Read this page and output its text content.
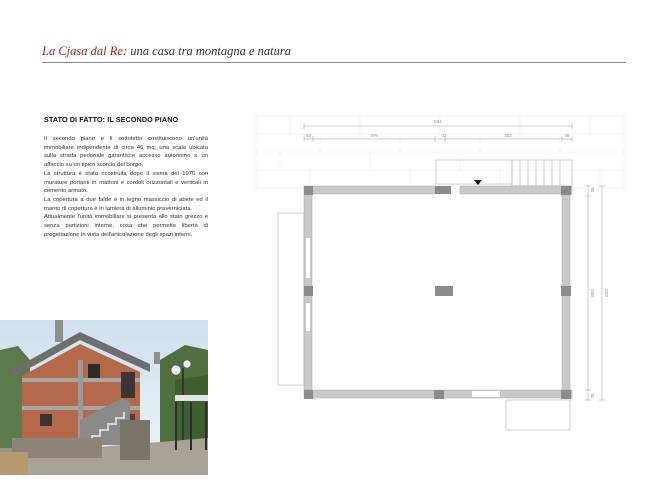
La Cjasa dal Re: una casa tra montagna e natura
STATO DI FATTO: IL SECONDO PIANO

Il secondo piano e il sottotetto costituiscono un'unità immobiliare indipendente di circa 46 mq; una scala ubicata sulla strada pedonale garantisce accesso autonomo e un affaccio su un tipico scorcio del borgo.

La struttura è stata ricostruita dopo il sisma del 1976 con murature portanti in mattoni e cordoli orizzontali e verticali in cemento armato.

La copertura a due falde è in legno massiccio di abete ed il manto di copertura è in lamiera di alluminio preverniciata.

Attualmente l'unità immobiliare si presenta allo stato grezzo e senza partizioni interne, cosa che permette libertà di progettazione in vista dell'articolazione degli spazi interni.

834
33	376	33	322	46
35
603 633
25
